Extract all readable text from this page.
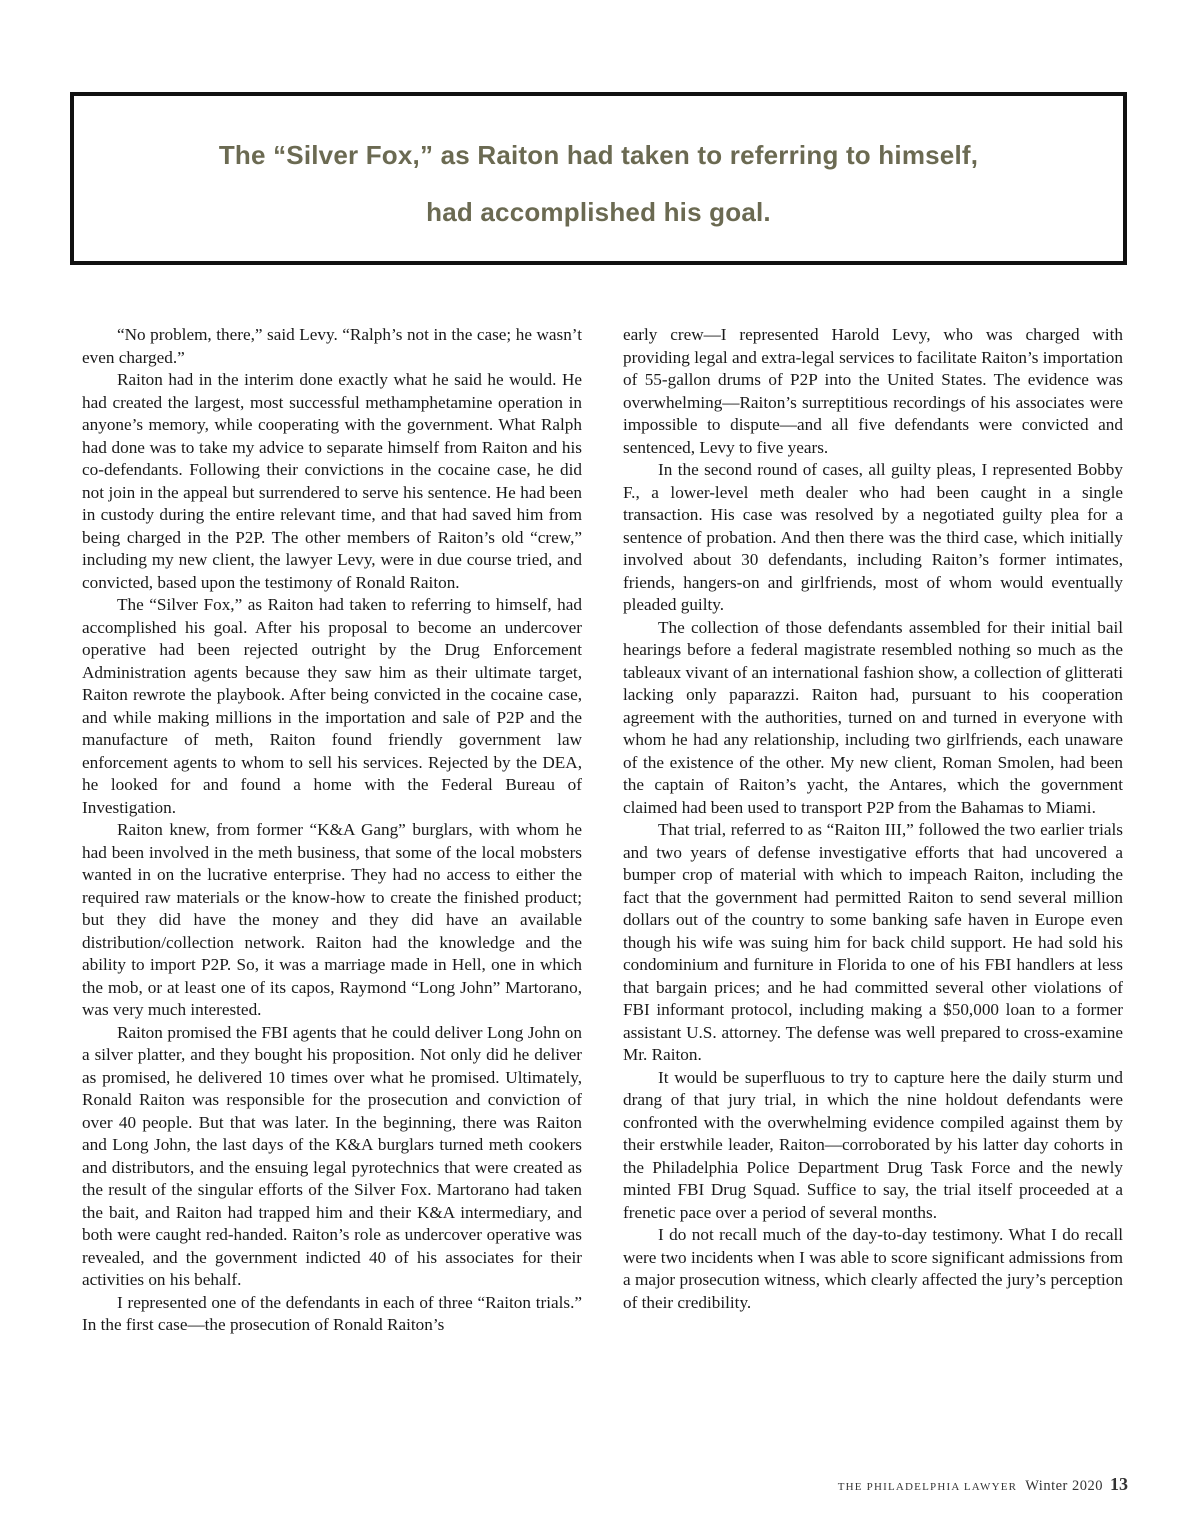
The “Silver Fox,” as Raiton had taken to referring to himself,
had accomplished his goal.

“No problem, there,” said Levy. “Ralph’s not in the case; he wasn’t even charged.”

Raiton had in the interim done exactly what he said he would. He had created the largest, most successful methamphetamine operation in anyone’s memory, while cooperating with the government. What Ralph had done was to take my advice to separate himself from Raiton and his co-defendants. Following their convictions in the cocaine case, he did not join in the appeal but surrendered to serve his sentence. He had been in custody during the entire relevant time, and that had saved him from being charged in the P2P. The other members of Raiton’s old “crew,” including my new client, the lawyer Levy, were in due course tried, and convicted, based upon the testimony of Ronald Raiton.

The “Silver Fox,” as Raiton had taken to referring to himself, had accomplished his goal. After his proposal to become an undercover operative had been rejected outright by the Drug Enforcement Administration agents because they saw him as their ultimate target, Raiton rewrote the playbook. After being convicted in the cocaine case, and while making millions in the importation and sale of P2P and the manufacture of meth, Raiton found friendly government law enforcement agents to whom to sell his services. Rejected by the DEA, he looked for and found a home with the Federal Bureau of Investigation.

Raiton knew, from former “K&A Gang” burglars, with whom he had been involved in the meth business, that some of the local mobsters wanted in on the lucrative enterprise. They had no access to either the required raw materials or the know-how to create the finished product; but they did have the money and they did have an available distribution/collection network. Raiton had the knowledge and the ability to import P2P. So, it was a marriage made in Hell, one in which the mob, or at least one of its capos, Raymond “Long John” Martorano, was very much interested.

Raiton promised the FBI agents that he could deliver Long John on a silver platter, and they bought his proposition. Not only did he deliver as promised, he delivered 10 times over what he promised. Ultimately, Ronald Raiton was responsible for the prosecution and conviction of over 40 people. But that was later. In the beginning, there was Raiton and Long John, the last days of the K&A burglars turned meth cookers and distributors, and the ensuing legal pyrotechnics that were created as the result of the singular efforts of the Silver Fox. Martorano had taken the bait, and Raiton had trapped him and their K&A intermediary, and both were caught red-handed. Raiton’s role as undercover operative was revealed, and the government indicted 40 of his associates for their activities on his behalf.

I represented one of the defendants in each of three “Raiton trials.” In the first case—the prosecution of Ronald Raiton’s

early crew—I represented Harold Levy, who was charged with providing legal and extra-legal services to facilitate Raiton’s importation of 55-gallon drums of P2P into the United States. The evidence was overwhelming—Raiton’s surreptitious recordings of his associates were impossible to dispute—and all five defendants were convicted and sentenced, Levy to five years.

In the second round of cases, all guilty pleas, I represented Bobby F., a lower-level meth dealer who had been caught in a single transaction. His case was resolved by a negotiated guilty plea for a sentence of probation. And then there was the third case, which initially involved about 30 defendants, including Raiton’s former intimates, friends, hangers-on and girlfriends, most of whom would eventually pleaded guilty.

The collection of those defendants assembled for their initial bail hearings before a federal magistrate resembled nothing so much as the tableaux vivant of an international fashion show, a collection of glitterati lacking only paparazzi. Raiton had, pursuant to his cooperation agreement with the authorities, turned on and turned in everyone with whom he had any relationship, including two girlfriends, each unaware of the existence of the other. My new client, Roman Smolen, had been the captain of Raiton’s yacht, the Antares, which the government claimed had been used to transport P2P from the Bahamas to Miami.

That trial, referred to as “Raiton III,” followed the two earlier trials and two years of defense investigative efforts that had uncovered a bumper crop of material with which to impeach Raiton, including the fact that the government had permitted Raiton to send several million dollars out of the country to some banking safe haven in Europe even though his wife was suing him for back child support. He had sold his condominium and furniture in Florida to one of his FBI handlers at less that bargain prices; and he had committed several other violations of FBI informant protocol, including making a $50,000 loan to a former assistant U.S. attorney. The defense was well prepared to cross-examine Mr. Raiton.

It would be superfluous to try to capture here the daily sturm und drang of that jury trial, in which the nine holdout defendants were confronted with the overwhelming evidence compiled against them by their erstwhile leader, Raiton—corroborated by his latter day cohorts in the Philadelphia Police Department Drug Task Force and the newly minted FBI Drug Squad. Suffice to say, the trial itself proceeded at a frenetic pace over a period of several months.

I do not recall much of the day-to-day testimony. What I do recall were two incidents when I was able to score significant admissions from a major prosecution witness, which clearly affected the jury’s perception of their credibility.

THE PHILADELPHIA LAWYER Winter 2020 13
